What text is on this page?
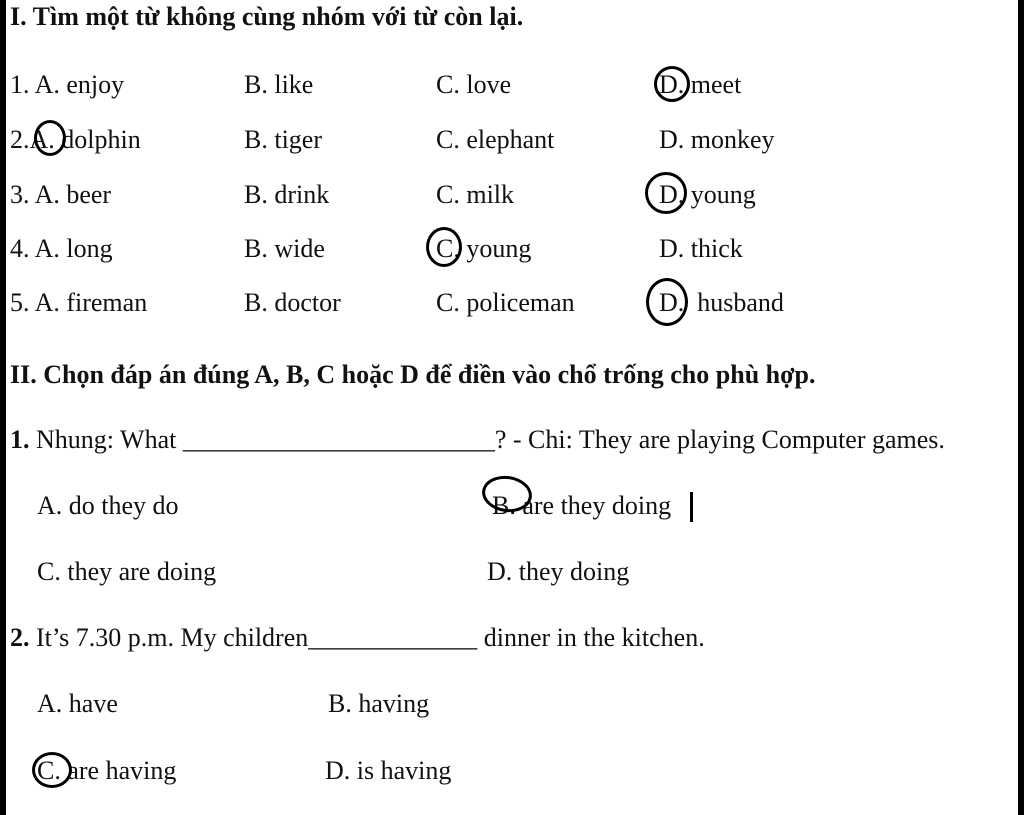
I. Tìm một từ không cùng nhóm với từ còn lại.
1. A. enjoy	B. like	C. love	D. meet
2.A. dolphin	B. tiger	C. elephant	D. monkey
3. A. beer	B. drink	C. milk	D. young
4. A. long	B. wide	C. young	D. thick
5. A. fireman	B. doctor	C. policeman	D.  husband
II. Chọn đáp án đúng A, B, C hoặc D để điền vào chổ trống cho phù hợp.
1. Nhung: What ________________________? - Chi: They are playing Computer games.
A. do they do	B. are they doing
C. they are doing	D. they doing
2. It’s 7.30 p.m. My children_____________ dinner in the kitchen.
A. have	B. having
C. are having	D. is having
